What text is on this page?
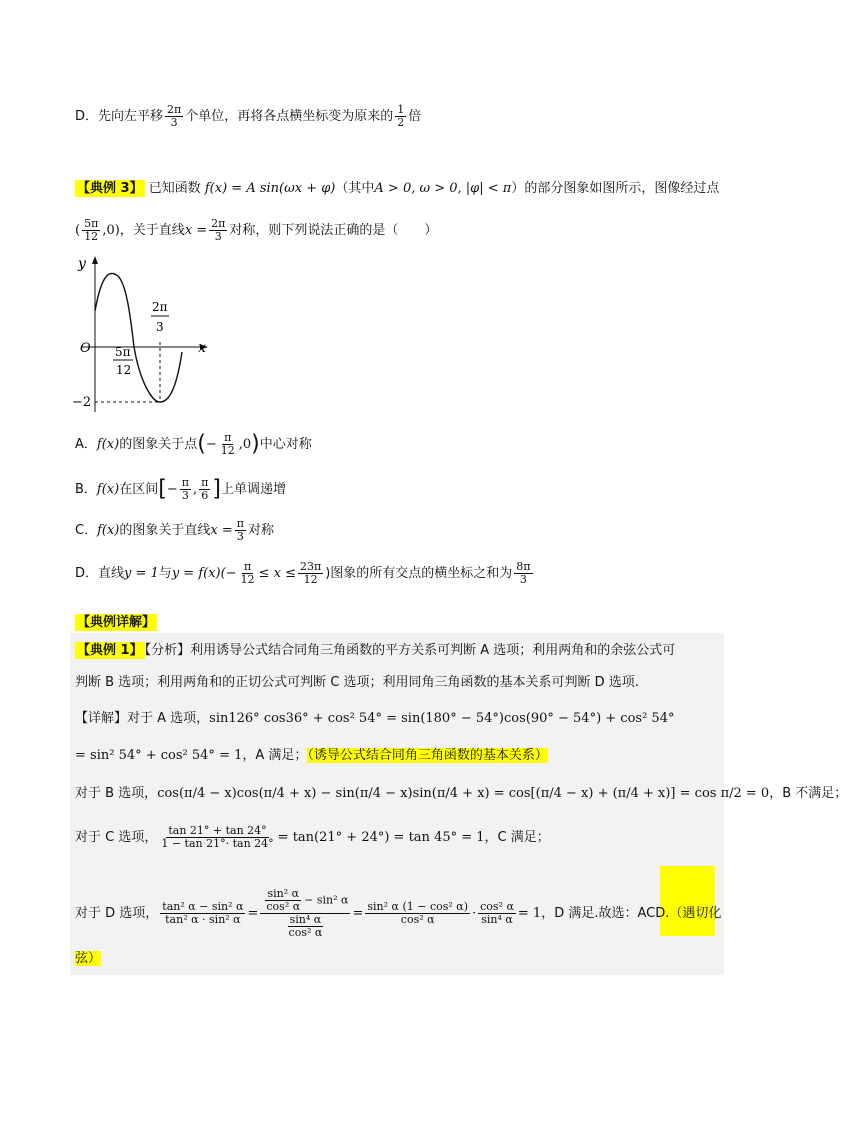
D．先向左平移 $\frac{2\pi}{3}$ 个单位，再将各点横坐标变为原来的 $\frac{1}{2}$ 倍
【典例 3】 已知函数 f(x) = A sin(ωx + φ)（其中A > 0, ω > 0, |φ| < π）的部分图象如图所示，图像经过点
( $\frac{5\pi}{12} ,0$)，关于直线$x = \frac{2\pi}{3}$ 对称，则下列说法正确的是（　　）
y
x
O 5π
12
2π
3
−2
A．f(x)的图象关于点(− $\frac{\pi}{12} ,0$)中心对称
B．f(x)在区间[− $\frac{\pi}{3}$ , $\frac{\pi}{6}$ ]上单调递增
C．f(x)的图象关于直线$x = \frac{\pi}{3}$ 对称
D．直线y = 1与$y = f(x)(- \frac{\pi}{12} \le x \le \frac{23\pi}{12}$ )图象的所有交点的横坐标之和为 $\frac{8\pi}{3}$
【典例详解】
【典例 1】 【分析】利用诱导公式结合同角三角函数的平方关系可判断 A 选项；利用两角和的余弦公式可
判断 B 选项；利用两角和的正切公式可判断 C 选项；利用同角三角函数的基本关系可判断 D 选项.
【详解】对于 A 选项，sin126° cos36° + cos² 54° = sin(180° − 54°)cos(90° − 54°) + cos² 54°
= sin² 54° + cos² 54° = 1，A 满足；（诱导公式结合同角三角函数的基本关系）
对于 B 选项，cos(π/4 − x)cos(π/4 + x) − sin(π/4 − x)sin(π/4 + x) = cos[(π/4 − x) + (π/4 + x)] = cos π/2 = 0，B 不满足；
对于 C 选项， $\frac{\tan 21^\circ + \tan 24^\circ}{1 - \tan 21^\circ\cdot \tan 24^\circ} = \tan(21^\circ + 24^\circ) = \tan 45^\circ = 1$，C 满足；
对于 D 选项， $\frac{\text{tan² α − sin² α}}{\text{tan² α · sin² α}} = \frac{\frac{\text{sin² α}}{\text{cos² α}} - \sin^2 \alpha}{\frac{\text{sin⁴ α}}{\text{cos² α}}} = \frac{\text{sin² α (1 − cos² α)}}{\text{cos² α}} \cdot \frac{\text{cos² α}}{\text{sin⁴ α}} = 1$，D 满足.故选：ACD.（遇切化
弦）
